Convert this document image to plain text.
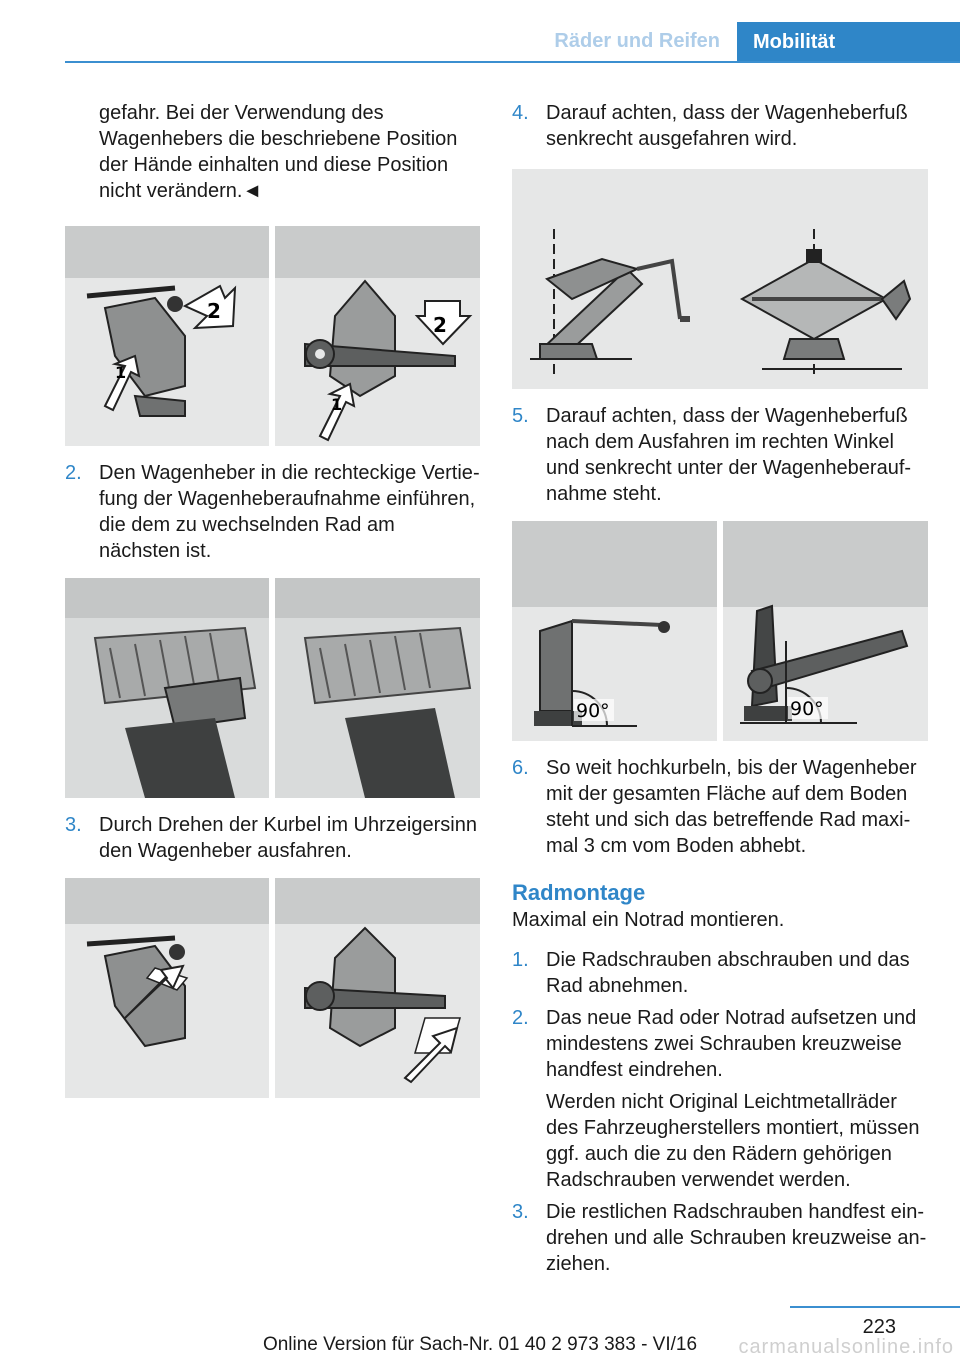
Räder und Reifen	Mobilität

gefahr. Bei der Verwendung des Wagenhebers die beschriebene Position der Hände einhalten und diese Position nicht verändern.◄

2
1
2
1
2. Den Wagenheber in die rechteckige Vertiefung der Wagenheberaufnahme einführen, die dem zu wechselnden Rad am nächsten ist.
3. Durch Drehen der Kurbel im Uhrzeigersinn den Wagenheber ausfahren.
4. Darauf achten, dass der Wagenheberfuß senkrecht ausgefahren wird.
5. Darauf achten, dass der Wagenheberfuß nach dem Ausfahren im rechten Winkel und senkrecht unter der Wagenheberaufnahme steht.
90°	90°
6. So weit hochkurbeln, bis der Wagenheber mit der gesamten Fläche auf dem Boden steht und sich das betreffende Rad maximal 3 cm vom Boden abhebt.
Radmontage

Maximal ein Notrad montieren.

1. Die Radschrauben abschrauben und das Rad abnehmen.
2. Das neue Rad oder Notrad aufsetzen und mindestens zwei Schrauben kreuzweise handfest eindrehen.

Werden nicht Original Leichtmetallräder des Fahrzeugherstellers montiert, müssen ggf. auch die zu den Rädern gehörigen Radschrauben verwendet werden.

3. Die restlichen Radschrauben handfest eindrehen und alle Schrauben kreuzweise anziehen.
223
Online Version für Sach-Nr. 01 40 2 973 383 - VI/16	carmanualsonline.info
